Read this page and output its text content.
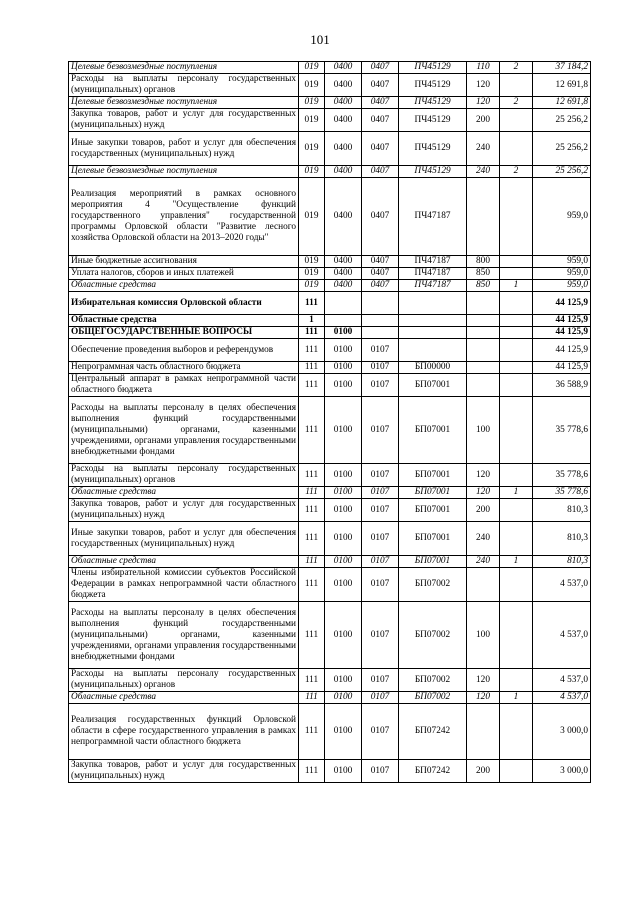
101
Целевые безвозмездные поступления	019	0400	0407	ПЧ45129	110	2	37 184,2
Расходы на выплаты персоналу государственных (муниципальных) органов	019	0400	0407	ПЧ45129	120		12 691,8
Целевые безвозмездные поступления	019	0400	0407	ПЧ45129	120	2	12 691,8
Закупка товаров, работ и услуг для государственных (муниципальных) нужд	019	0400	0407	ПЧ45129	200		25 256,2
Иные закупки товаров, работ и услуг для обеспечения государственных (муниципальных) нужд	019	0400	0407	ПЧ45129	240		25 256,2
Целевые безвозмездные поступления	019	0400	0407	ПЧ45129	240	2	25 256,2
Реализация мероприятий в рамках основного мероприятия 4 "Осуществление функций государственного управления" государственной программы Орловской области "Развитие лесного хозяйства Орловской области на 2013–2020 годы"	019	0400	0407	ПЧ47187			959,0
Иные бюджетные ассигнования	019	0400	0407	ПЧ47187	800		959,0
Уплата налогов, сборов и иных платежей	019	0400	0407	ПЧ47187	850		959,0
Областные средства	019	0400	0407	ПЧ47187	850	1	959,0
Избирательная комиссия Орловской области	111						44 125,9
Областные средства	1						44 125,9
ОБЩЕГОСУДАРСТВЕННЫЕ ВОПРОСЫ	111	0100					44 125,9
Обеспечение проведения выборов и референдумов	111	0100	0107				44 125,9
Непрограммная часть областного бюджета	111	0100	0107	БП00000			44 125,9
Центральный аппарат в рамках непрограммной части областного бюджета	111	0100	0107	БП07001			36 588,9
Расходы на выплаты персоналу в целях обеспечения выполнения функций государственными (муниципальными) органами, казенными учреждениями, органами управления государственными внебюджетными фондами	111	0100	0107	БП07001	100		35 778,6
Расходы на выплаты персоналу государственных (муниципальных) органов	111	0100	0107	БП07001	120		35 778,6
Областные средства	111	0100	0107	БП07001	120	1	35 778,6
Закупка товаров, работ и услуг для государственных (муниципальных) нужд	111	0100	0107	БП07001	200		810,3
Иные закупки товаров, работ и услуг для обеспечения государственных (муниципальных) нужд	111	0100	0107	БП07001	240		810,3
Областные средства	111	0100	0107	БП07001	240	1	810,3
Члены избирательной комиссии субъектов Российской Федерации в рамках непрограммной части областного бюджета	111	0100	0107	БП07002			4 537,0
Расходы на выплаты персоналу в целях обеспечения выполнения функций государственными (муниципальными) органами, казенными учреждениями, органами управления государственными внебюджетными фондами	111	0100	0107	БП07002	100		4 537,0
Расходы на выплаты персоналу государственных (муниципальных) органов	111	0100	0107	БП07002	120		4 537,0
Областные средства	111	0100	0107	БП07002	120	1	4 537,0
Реализация государственных функций Орловской области в сфере государственного управления в рамках непрограммной части областного бюджета	111	0100	0107	БП07242			3 000,0
Закупка товаров, работ и услуг для государственных (муниципальных) нужд	111	0100	0107	БП07242	200		3 000,0
